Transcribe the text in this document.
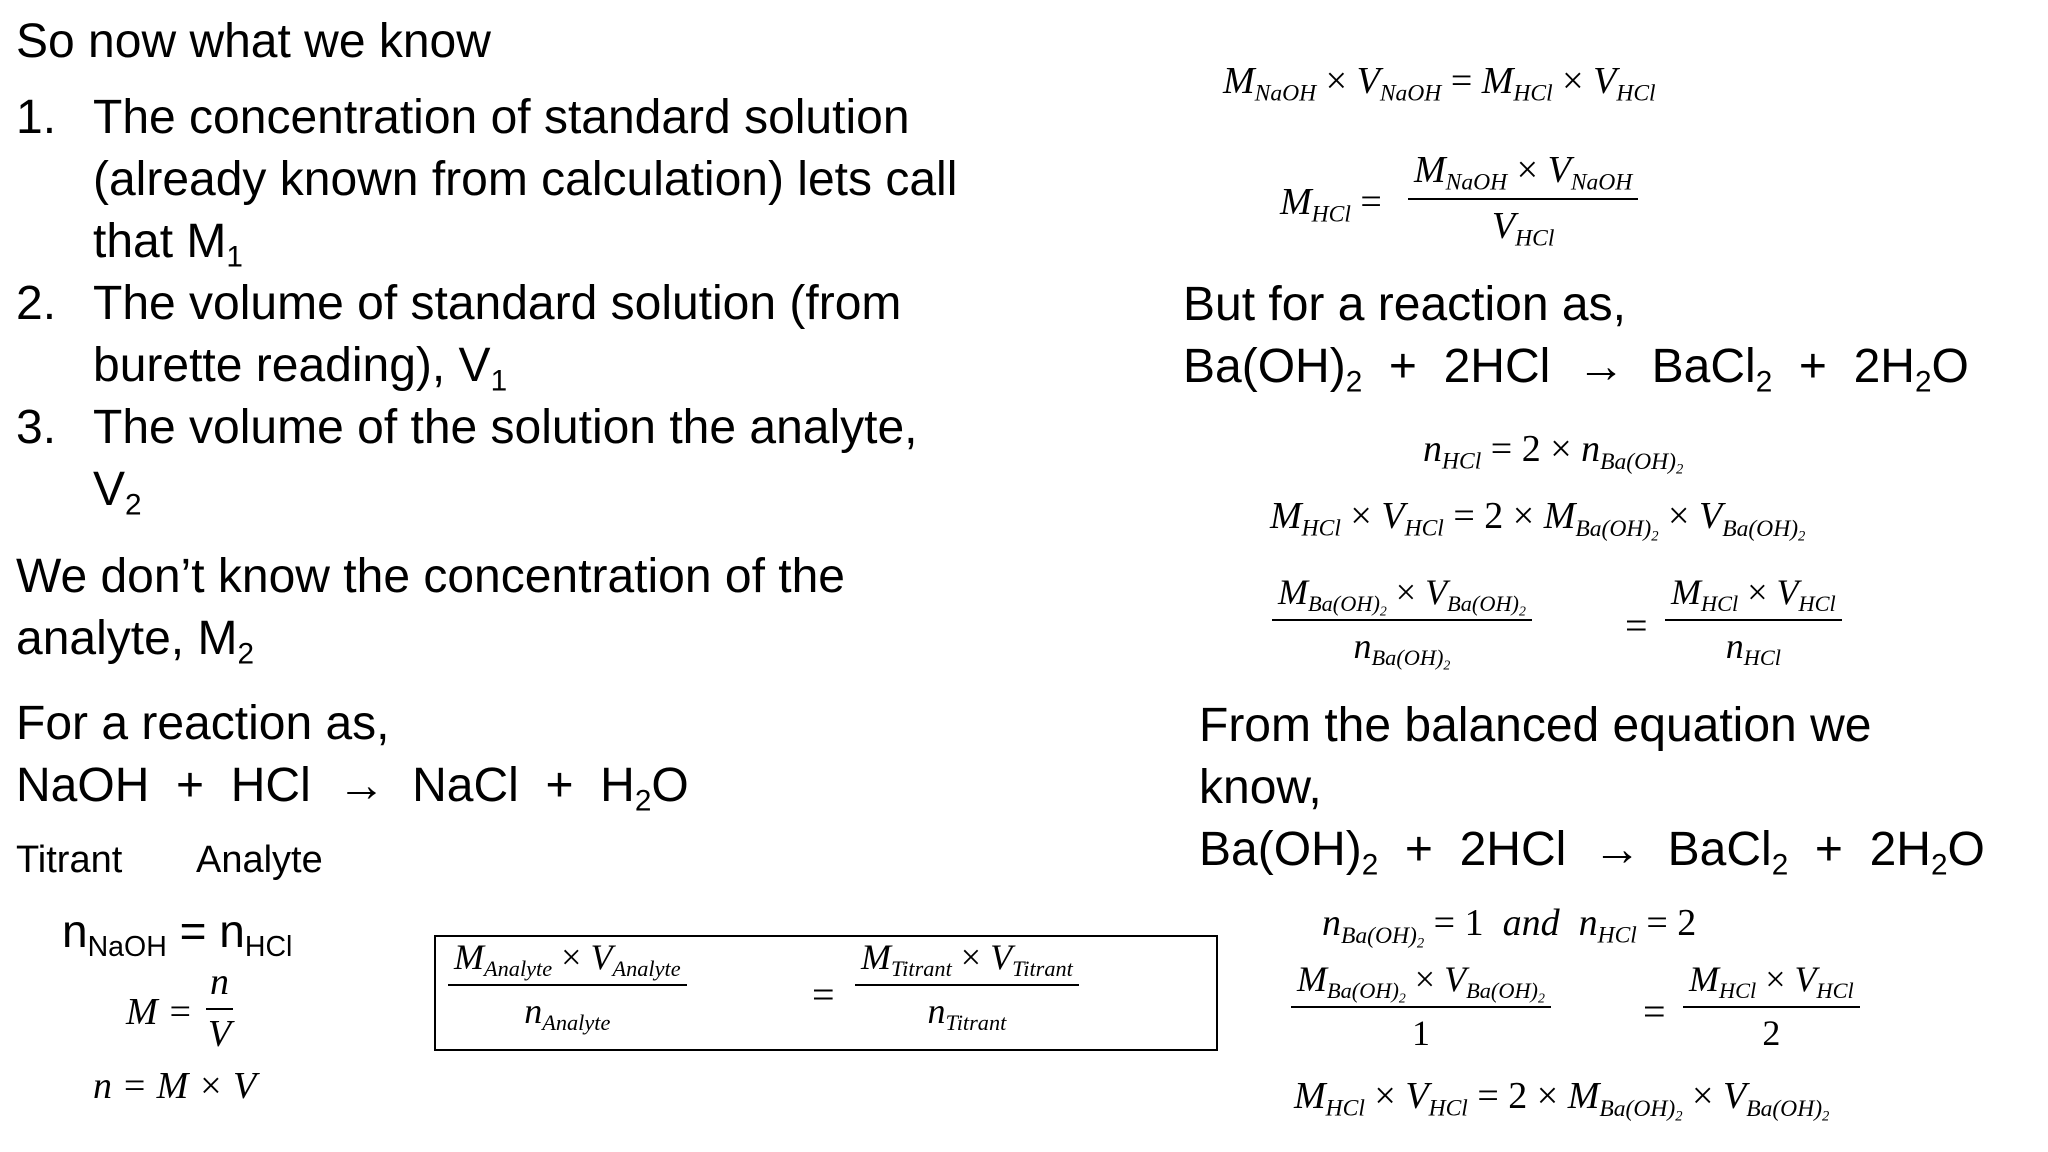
So now what we know
1. The concentration of standard solution
(already known from calculation) lets call
that $M_1$
2. The volume of standard solution (from
burette reading), $V_1$
3. The volume of the solution the analyte,
$V_2$
We don’t know the concentration of the
analyte, $M_2$
For a reaction as,
NaOH + HCl → NaCl + $H_2O$
Titrant Analyte
$n_{NaOH} = n_{HCl}$
$M = \frac{n}{V}$
n = M × V
$M_{Analyte} \times V_{Analyte}$
$n_{Analyte}$
=
$M_{Titrant} \times V_{Titrant}$
$n_{Titrant}$
$M_{NaOH} \times V_{NaOH} = M_{HCl} \times V_{HCl}$
$M_{HCl}$ =
$M_{NaOH} \times V_{NaOH}$
$V_{HCl}$
But for a reaction as,
$Ba(OH)_2 + 2HCl$ → BaCl$_2$ + $2H_2O$
$n_{HCl} = 2 \times n_{Ba(OH)_2}$
$M_{HCl} \times V_{HCl} = 2 \times M_{Ba(OH)_2} \times V_{Ba(OH)_2}$
$M_{Ba(OH)_2} \times V_{Ba(OH)_2}$
$n_{Ba(OH)_2}$
=
$M_{HCl} \times V_{HCl}$
$n_{HCl}$
From the balanced equation we
know,
$Ba(OH)_2 + 2HCl$ → BaCl$_2$ + $2H_2O$
$n_{Ba(OH)_2} = 1$ and $n_{HCl} = 2$
$M_{Ba(OH)_2} \times V_{Ba(OH)_2}$
1	=
$M_{HCl} \times V_{HCl}$
2
$M_{HCl} \times V_{HCl} = 2 \times M_{Ba(OH)_2} \times V_{Ba(OH)_2}$
